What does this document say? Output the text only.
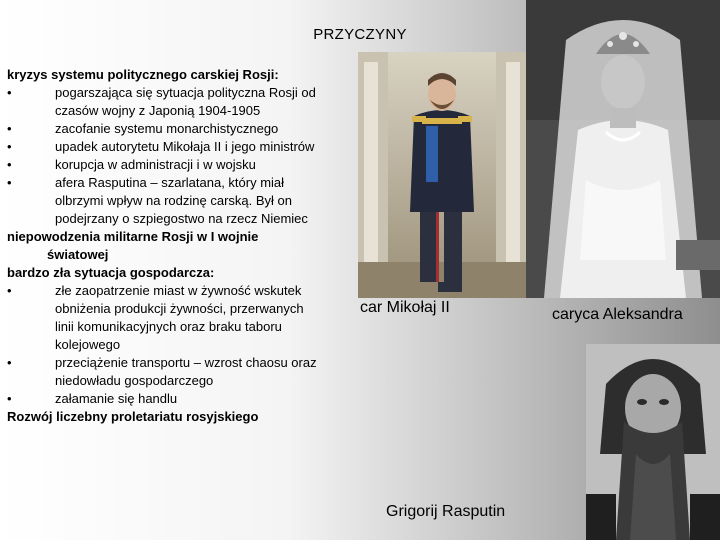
PRZYCZYNY
kryzys systemu politycznego carskiej Rosji:
•	pogarszająca się sytuacja polityczna Rosji od czasów wojny z Japonią 1904-1905
•	zacofanie systemu monarchistycznego
•	upadek autorytetu Mikołaja II i jego ministrów
•	korupcja w administracji i w wojsku
•	afera Rasputina – szarlatana, który miał olbrzymi wpływ na rodzinę carską. Był on podejrzany o szpiegostwo na rzecz Niemiec
niepowodzenia militarne Rosji w I wojnie światowej
bardzo zła sytuacja gospodarcza:
•	złe zaopatrzenie miast w żywność wskutek obniżenia produkcji żywności, przerwanych linii komunikacyjnych oraz braku taboru kolejowego
•	przeciążenie transportu – wzrost chaosu oraz niedowładu gospodarczego
•	załamanie się handlu
Rozwój liczebny proletariatu rosyjskiego
car Mikołaj II	caryca Aleksandra
Grigorij Rasputin
